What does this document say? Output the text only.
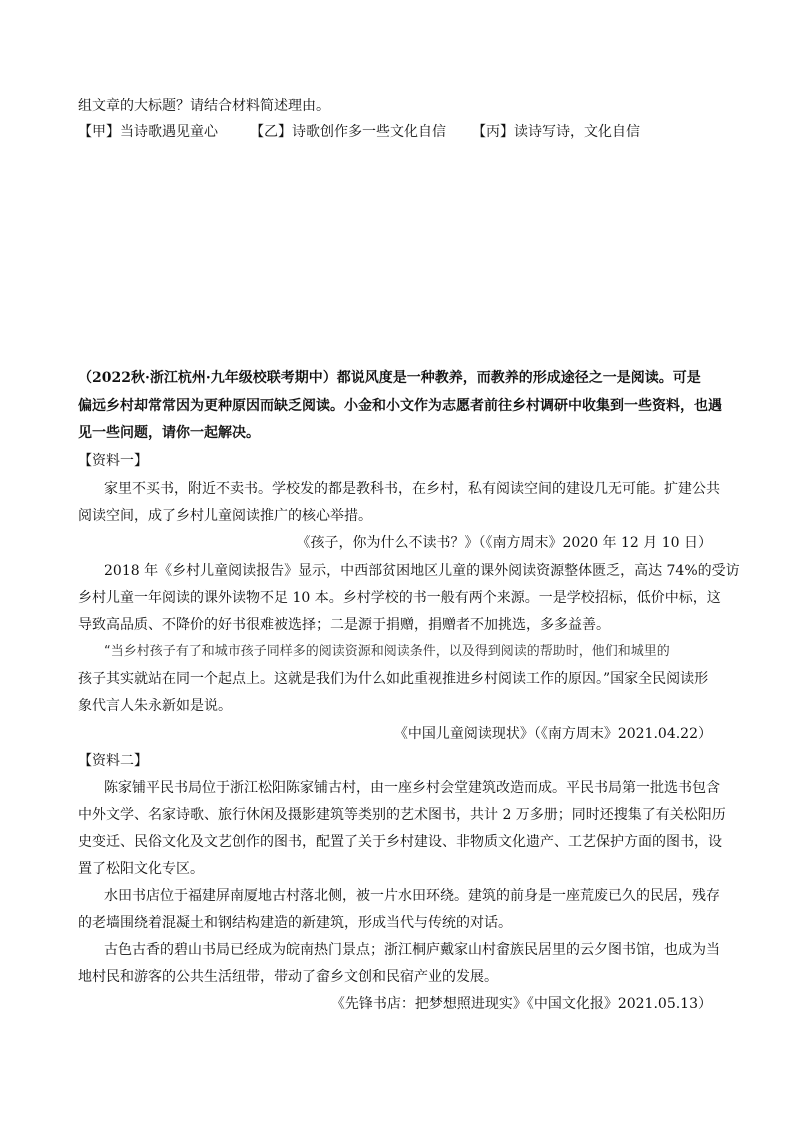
组文章的大标题？请结合材料简述理由。
【甲】当诗歌遇见童心 【乙】诗歌创作多一些文化自信 【丙】读诗写诗，文化自信
（2022秋·浙江杭州·九年级校联考期中）都说风度是一种教养，而教养的形成途径之一是阅读。可是
偏远乡村却常常因为更种原因而缺乏阅读。小金和小文作为志愿者前往乡村调研中收集到一些资料，也遇
见一些问题，请你一起解决。
【资料一】
家里不买书，附近不卖书。学校发的都是教科书，在乡村，私有阅读空间的建设几无可能。扩建公共
阅读空间，成了乡村儿童阅读推广的核心举措。
《孩子，你为什么不读书？》（《南方周末》2020 年 12 月 10 日）
2018 年《乡村儿童阅读报告》显示，中西部贫困地区儿童的课外阅读资源整体匮乏，高达 74%的受访
乡村儿童一年阅读的课外读物不足 10 本。乡村学校的书一般有两个来源。一是学校招标，低价中标，这
导致高品质、不降价的好书很难被选择；二是源于捐赠，捐赠者不加挑选，多多益善。
“当乡村孩子有了和城市孩子同样多的阅读资源和阅读条件，以及得到阅读的帮助时，他们和城里的
孩子其实就站在同一个起点上。这就是我们为什么如此重视推进乡村阅读工作的原因。”国家全民阅读形
象代言人朱永新如是说。
《中国儿童阅读现状》（《南方周末》2021.04.22）
【资料二】
陈家铺平民书局位于浙江松阳陈家铺古村，由一座乡村会堂建筑改造而成。平民书局第一批选书包含
中外文学、名家诗歌、旅行休闲及摄影建筑等类别的艺术图书，共计 2 万多册；同时还搜集了有关松阳历
史变迁、民俗文化及文艺创作的图书，配置了关于乡村建设、非物质文化遗产、工艺保护方面的图书，设
置了松阳文化专区。
水田书店位于福建屏南厦地古村落北侧，被一片水田环绕。建筑的前身是一座荒废已久的民居，残存
的老墙围绕着混凝土和钢结构建造的新建筑，形成当代与传统的对话。
古色古香的碧山书局已经成为皖南热门景点；浙江桐庐戴家山村畲族民居里的云夕图书馆，也成为当
地村民和游客的公共生活纽带，带动了畲乡文创和民宿产业的发展。
《先锋书店：把梦想照进现实》《中国文化报》2021.05.13）
